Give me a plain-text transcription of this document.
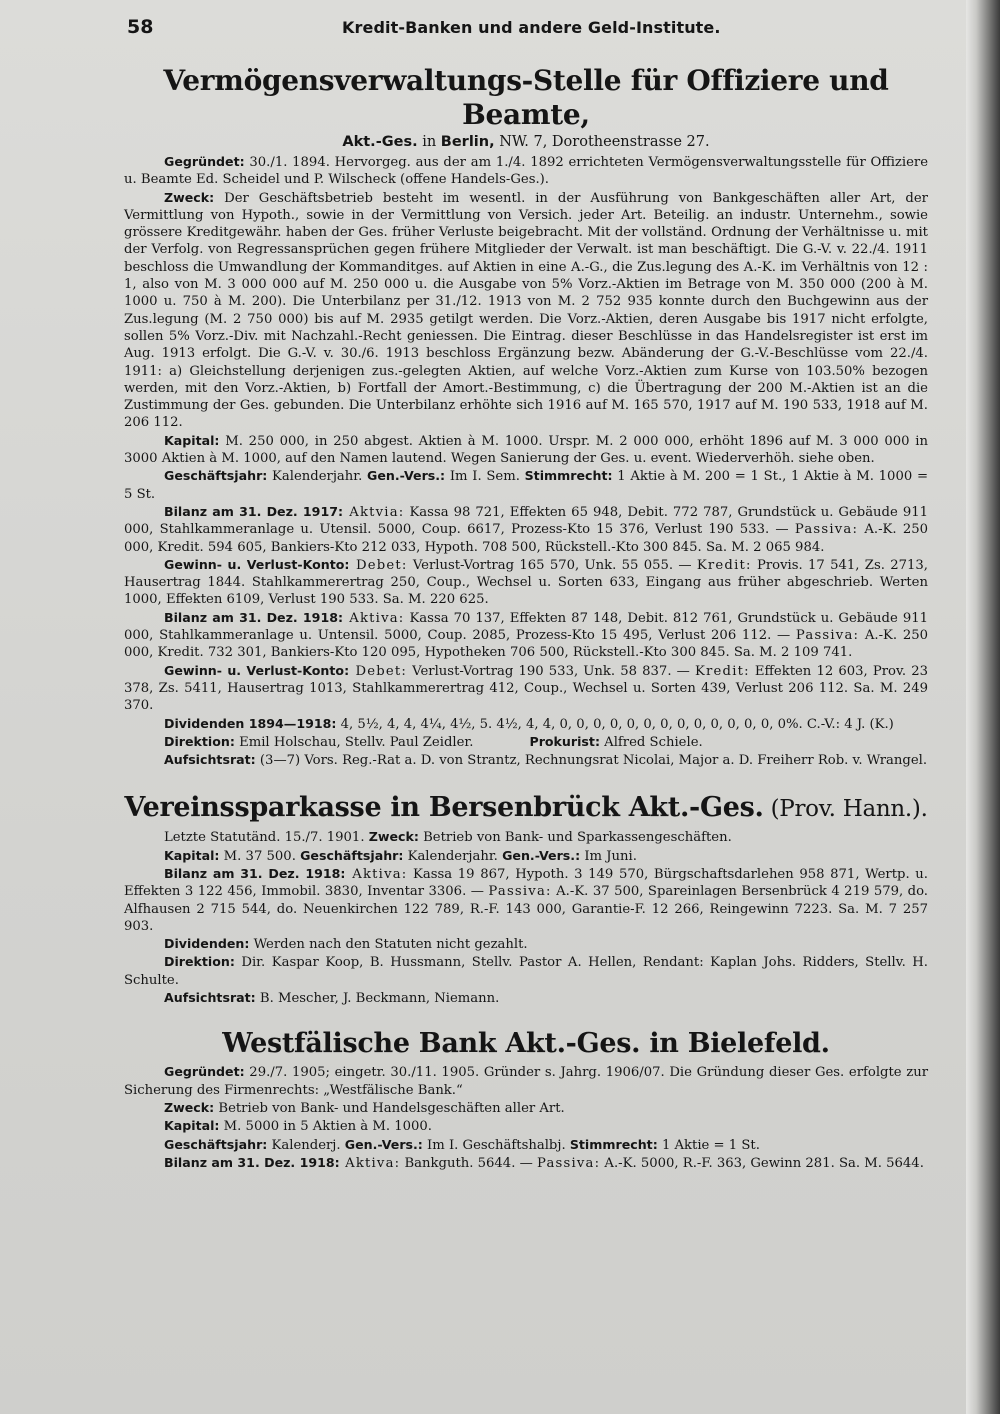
58	Kredit-Banken und andere Geld-Institute.
Vermögensverwaltungs-Stelle für Offiziere und Beamte,
Akt.-Ges. in Berlin, NW. 7, Dorotheenstrasse 27.

Gegründet: 30./1. 1894. Hervorgeg. aus der am 1./4. 1892 errichteten Vermögensverwaltungsstelle für Offiziere u. Beamte Ed. Scheidel und P. Wilscheck (offene Handels-Ges.).

Zweck: Der Geschäftsbetrieb besteht im wesentl. in der Ausführung von Bankgeschäften aller Art, der Vermittlung von Hypoth., sowie in der Vermittlung von Versich. jeder Art. Beteilig. an industr. Unternehm., sowie grössere Kreditgewähr. haben der Ges. früher Verluste beigebracht. Mit der vollständ. Ordnung der Verhältnisse u. mit der Verfolg. von Regressansprüchen gegen frühere Mitglieder der Verwalt. ist man beschäftigt. Die G.-V. v. 22./4. 1911 beschloss die Umwandlung der Kommanditges. auf Aktien in eine A.-G., die Zus.legung des A.-K. im Verhältnis von 12 : 1, also von M. 3 000 000 auf M. 250 000 u. die Ausgabe von 5% Vorz.-Aktien im Betrage von M. 350 000 (200 à M. 1000 u. 750 à M. 200). Die Unterbilanz per 31./12. 1913 von M. 2 752 935 konnte durch den Buchgewinn aus der Zus.legung (M. 2 750 000) bis auf M. 2935 getilgt werden. Die Vorz.-Aktien, deren Ausgabe bis 1917 nicht erfolgte, sollen 5% Vorz.-Div. mit Nachzahl.-Recht geniessen. Die Eintrag. dieser Beschlüsse in das Handelsregister ist erst im Aug. 1913 erfolgt. Die G.-V. v. 30./6. 1913 beschloss Ergänzung bezw. Abänderung der G.-V.-Beschlüsse vom 22./4. 1911: a) Gleichstellung derjenigen zus.-gelegten Aktien, auf welche Vorz.-Aktien zum Kurse von 103.50% bezogen werden, mit den Vorz.-Aktien, b) Fortfall der Amort.-Bestimmung, c) die Übertragung der 200 M.-Aktien ist an die Zustimmung der Ges. gebunden. Die Unterbilanz erhöhte sich 1916 auf M. 165 570, 1917 auf M. 190 533, 1918 auf M. 206 112.

Kapital: M. 250 000, in 250 abgest. Aktien à M. 1000. Urspr. M. 2 000 000, erhöht 1896 auf M. 3 000 000 in 3000 Aktien à M. 1000, auf den Namen lautend. Wegen Sanierung der Ges. u. event. Wiederverhöh. siehe oben.

Geschäftsjahr: Kalenderjahr. Gen.-Vers.: Im I. Sem. Stimmrecht: 1 Aktie à M. 200 = 1 St., 1 Aktie à M. 1000 = 5 St.

Bilanz am 31. Dez. 1917: Aktvia: Kassa 98 721, Effekten 65 948, Debit. 772 787, Grundstück u. Gebäude 911 000, Stahlkammeranlage u. Utensil. 5000, Coup. 6617, Prozess-Kto 15 376, Verlust 190 533. — Passiva: A.-K. 250 000, Kredit. 594 605, Bankiers-Kto 212 033, Hypoth. 708 500, Rückstell.-Kto 300 845. Sa. M. 2 065 984.

Gewinn- u. Verlust-Konto: Debet: Verlust-Vortrag 165 570, Unk. 55 055. — Kredit: Provis. 17 541, Zs. 2713, Hausertrag 1844. Stahlkammerertrag 250, Coup., Wechsel u. Sorten 633, Eingang aus früher abgeschrieb. Werten 1000, Effekten 6109, Verlust 190 533. Sa. M. 220 625.

Bilanz am 31. Dez. 1918: Aktiva: Kassa 70 137, Effekten 87 148, Debit. 812 761, Grundstück u. Gebäude 911 000, Stahlkammeranlage u. Untensil. 5000, Coup. 2085, Prozess-Kto 15 495, Verlust 206 112. — Passiva: A.-K. 250 000, Kredit. 732 301, Bankiers-Kto 120 095, Hypotheken 706 500, Rückstell.-Kto 300 845. Sa. M. 2 109 741.

Gewinn- u. Verlust-Konto: Debet: Verlust-Vortrag 190 533, Unk. 58 837. — Kredit: Effekten 12 603, Prov. 23 378, Zs. 5411, Hausertrag 1013, Stahlkammerertrag 412, Coup., Wechsel u. Sorten 439, Verlust 206 112. Sa. M. 249 370.

Dividenden 1894—1918: 4, 5½, 4, 4, 4¼, 4½, 5. 4½, 4, 4, 0, 0, 0, 0, 0, 0, 0, 0, 0, 0, 0, 0, 0, 0%. C.-V.: 4 J. (K.)

Direktion: Emil Holschau, Stellv. Paul Zeidler.	Prokurist: Alfred Schiele.

Aufsichtsrat: (3—7) Vors. Reg.-Rat a. D. von Strantz, Rechnungsrat Nicolai, Major a. D. Freiherr Rob. v. Wrangel.

Vereinssparkasse in Bersenbrück Akt.-Ges. (Prov. Hann.).

Letzte Statutänd. 15./7. 1901. Zweck: Betrieb von Bank- und Sparkassengeschäften.

Kapital: M. 37 500. Geschäftsjahr: Kalenderjahr. Gen.-Vers.: Im Juni.

Bilanz am 31. Dez. 1918: Aktiva: Kassa 19 867, Hypoth. 3 149 570, Bürgschaftsdarlehen 958 871, Wertp. u. Effekten 3 122 456, Immobil. 3830, Inventar 3306. — Passiva: A.-K. 37 500, Spareinlagen Bersenbrück 4 219 579, do. Alfhausen 2 715 544, do. Neuenkirchen 122 789, R.-F. 143 000, Garantie-F. 12 266, Reingewinn 7223. Sa. M. 7 257 903.

Dividenden: Werden nach den Statuten nicht gezahlt.

Direktion: Dir. Kaspar Koop, B. Hussmann, Stellv. Pastor A. Hellen, Rendant: Kaplan Johs. Ridders, Stellv. H. Schulte.

Aufsichtsrat: B. Mescher, J. Beckmann, Niemann.

Westfälische Bank Akt.-Ges. in Bielefeld.

Gegründet: 29./7. 1905; eingetr. 30./11. 1905. Gründer s. Jahrg. 1906/07. Die Gründung dieser Ges. erfolgte zur Sicherung des Firmenrechts: „Westfälische Bank.“

Zweck: Betrieb von Bank- und Handelsgeschäften aller Art.

Kapital: M. 5000 in 5 Aktien à M. 1000.

Geschäftsjahr: Kalenderj. Gen.-Vers.: Im I. Geschäftshalbj. Stimmrecht: 1 Aktie = 1 St.

Bilanz am 31. Dez. 1918: Aktiva: Bankguth. 5644. — Passiva: A.-K. 5000, R.-F. 363, Gewinn 281. Sa. M. 5644.
